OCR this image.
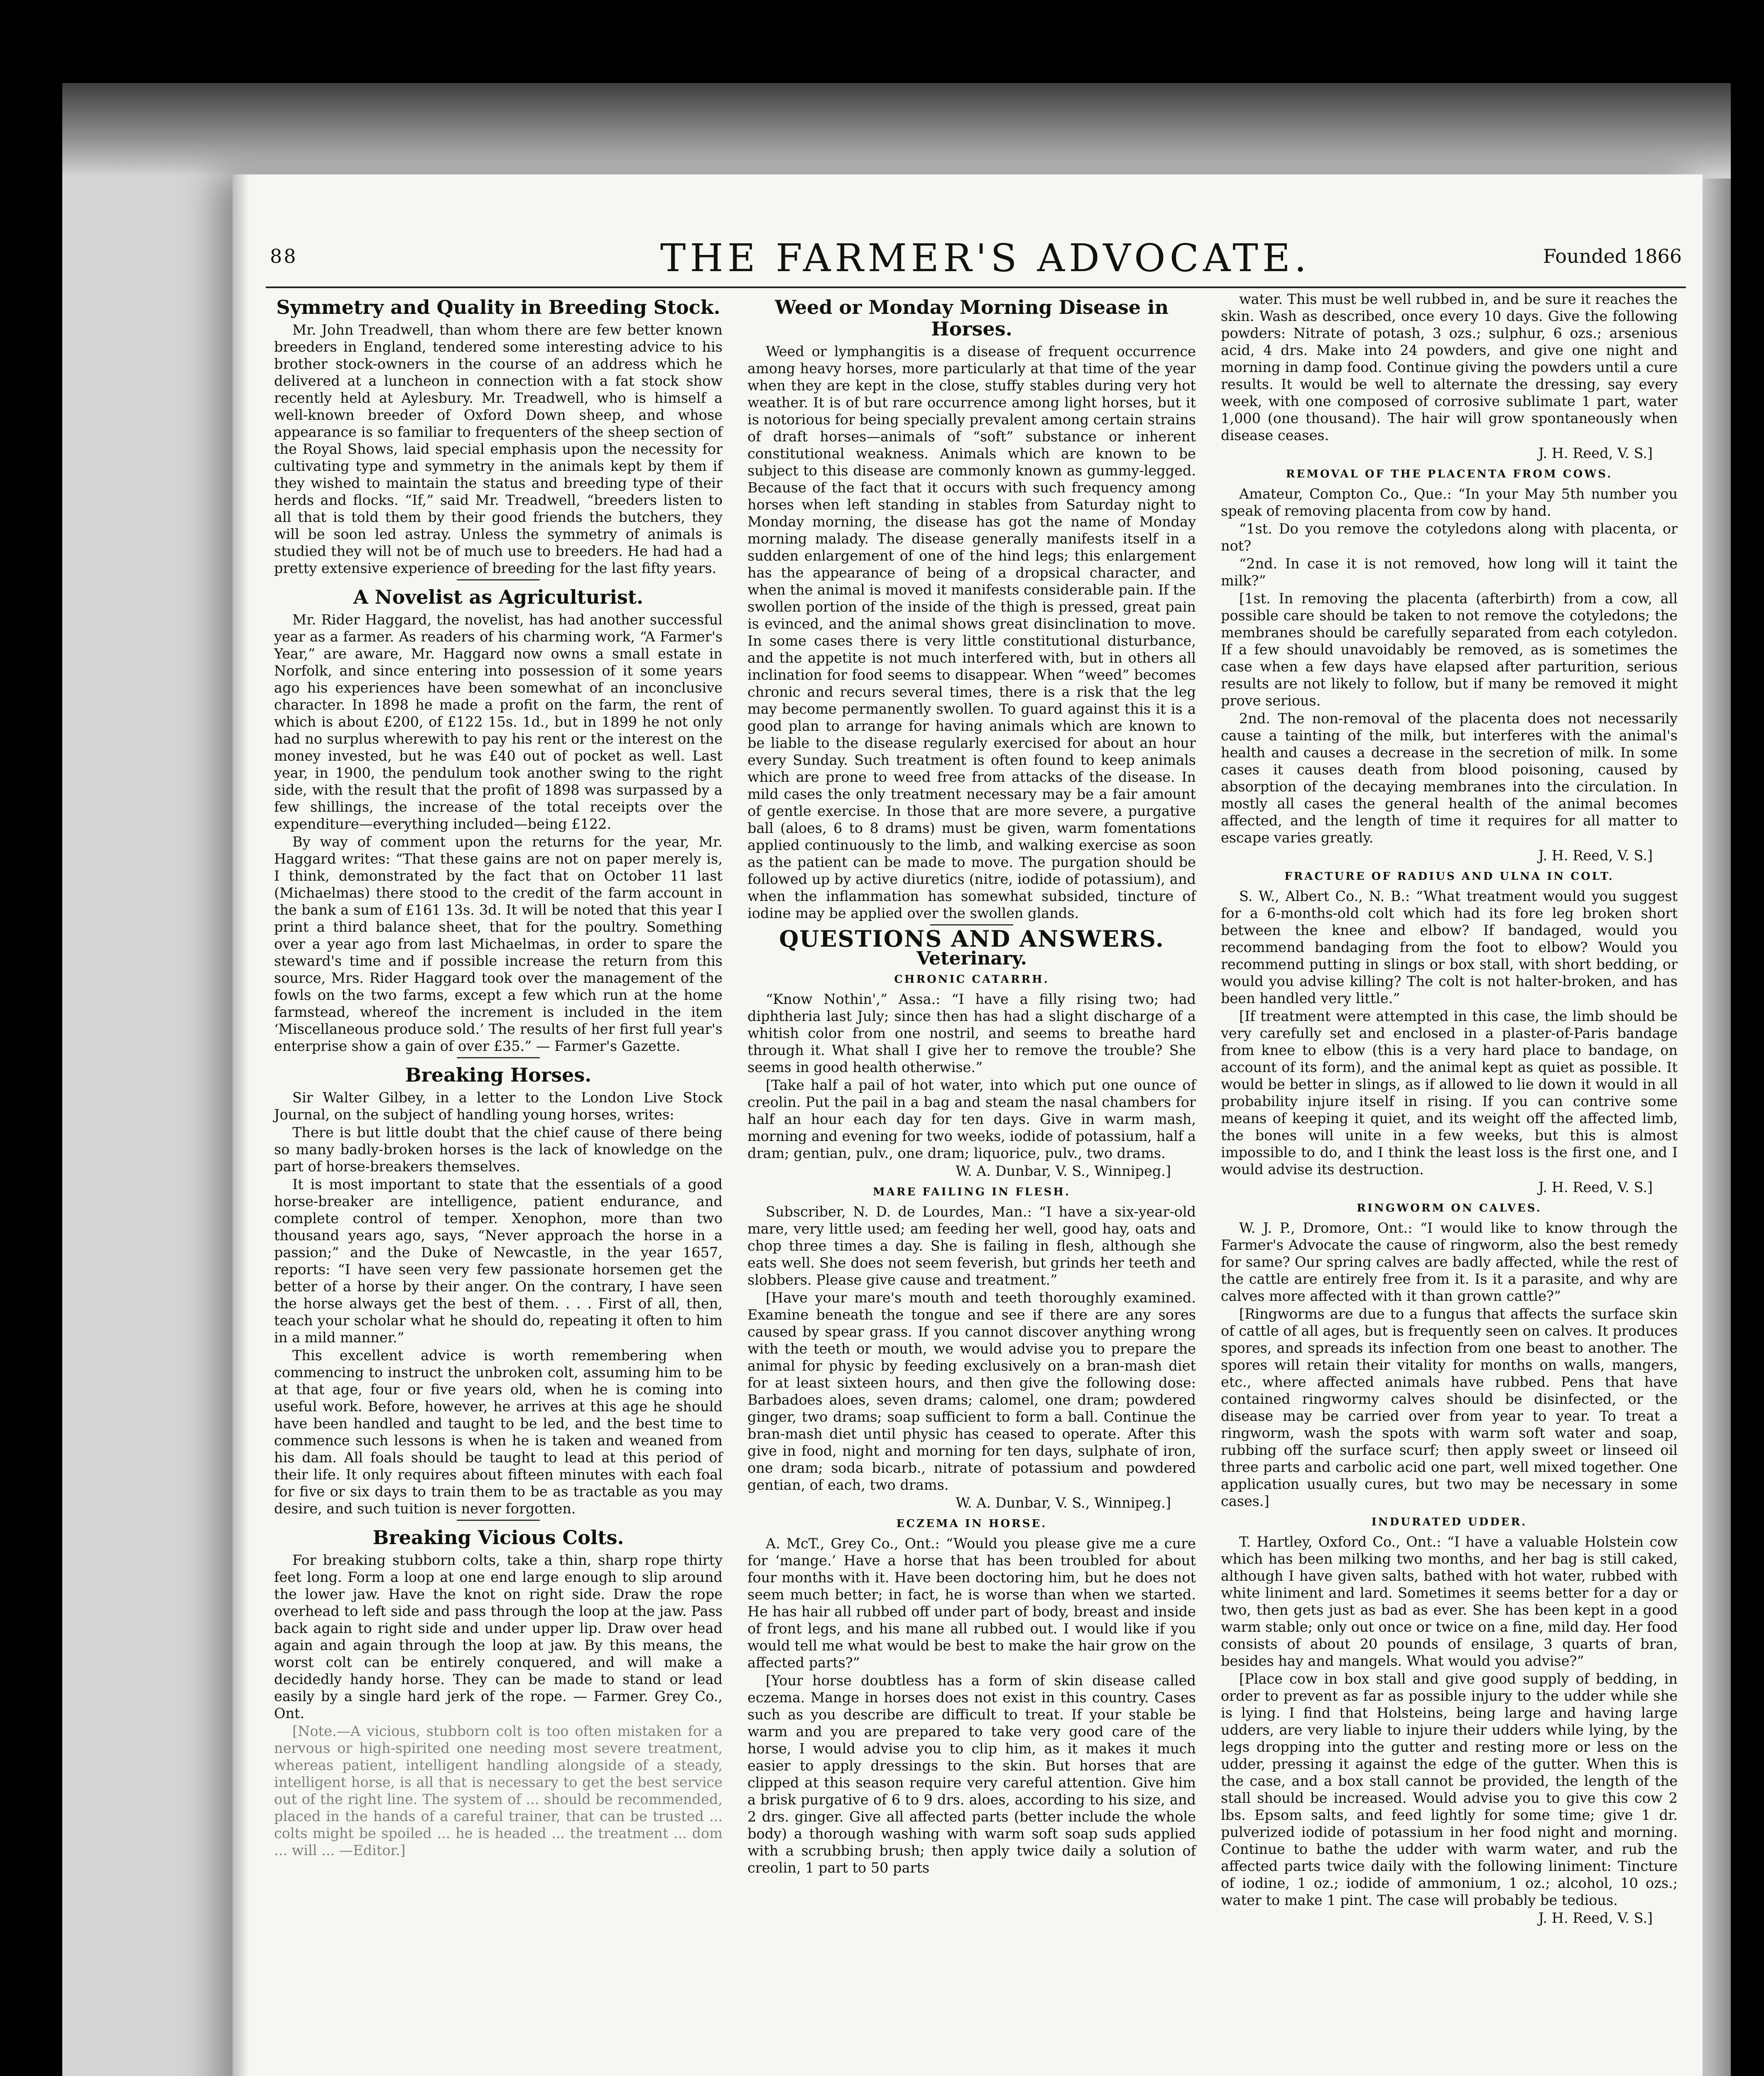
88	THE FARMER'S ADVOCATE.	Founded 1866
Symmetry and Quality in Breeding Stock.

Mr. John Treadwell, than whom there are few better known breeders in England, tendered some interesting advice to his brother stock-owners in the course of an address which he delivered at a luncheon in connection with a fat stock show recently held at Aylesbury. Mr. Treadwell, who is himself a well-known breeder of Oxford Down sheep, and whose appearance is so familiar to frequenters of the sheep section of the Royal Shows, laid special emphasis upon the necessity for cultivating type and symmetry in the animals kept by them if they wished to maintain the status and breeding type of their herds and flocks. “If,” said Mr. Treadwell, “breeders listen to all that is told them by their good friends the butchers, they will be soon led astray. Unless the symmetry of animals is studied they will not be of much use to breeders. He had had a pretty extensive experience of breeding for the last fifty years.

A Novelist as Agriculturist.

Mr. Rider Haggard, the novelist, has had another successful year as a farmer. As readers of his charming work, “A Farmer's Year,” are aware, Mr. Haggard now owns a small estate in Norfolk, and since entering into possession of it some years ago his experiences have been somewhat of an inconclusive character. In 1898 he made a profit on the farm, the rent of which is about £200, of £122 15s. 1d., but in 1899 he not only had no surplus wherewith to pay his rent or the interest on the money invested, but he was £40 out of pocket as well. Last year, in 1900, the pendulum took another swing to the right side, with the result that the profit of 1898 was surpassed by a few shillings, the increase of the total receipts over the expenditure—everything included—being £122.

By way of comment upon the returns for the year, Mr. Haggard writes: “That these gains are not on paper merely is, I think, demonstrated by the fact that on October 11 last (Michaelmas) there stood to the credit of the farm account in the bank a sum of £161 13s. 3d. It will be noted that this year I print a third balance sheet, that for the poultry. Something over a year ago from last Michaelmas, in order to spare the steward's time and if possible increase the return from this source, Mrs. Rider Haggard took over the management of the fowls on the two farms, except a few which run at the home farmstead, whereof the increment is included in the item ‘Miscellaneous produce sold.’ The results of her first full year's enterprise show a gain of over £35.” — Farmer's Gazette.

Breaking Horses.

Sir Walter Gilbey, in a letter to the London Live Stock Journal, on the subject of handling young horses, writes:

There is but little doubt that the chief cause of there being so many badly-broken horses is the lack of knowledge on the part of horse-breakers themselves.

It is most important to state that the essentials of a good horse-breaker are intelligence, patient endurance, and complete control of temper. Xenophon, more than two thousand years ago, says, “Never approach the horse in a passion;” and the Duke of Newcastle, in the year 1657, reports: “I have seen very few passionate horsemen get the better of a horse by their anger. On the contrary, I have seen the horse always get the best of them. . . . First of all, then, teach your scholar what he should do, repeating it often to him in a mild manner.”

This excellent advice is worth remembering when commencing to instruct the unbroken colt, assuming him to be at that age, four or five years old, when he is coming into useful work. Before, however, he arrives at this age he should have been handled and taught to be led, and the best time to commence such lessons is when he is taken and weaned from his dam. All foals should be taught to lead at this period of their life. It only requires about fifteen minutes with each foal for five or six days to train them to be as tractable as you may desire, and such tuition is never forgotten.

Breaking Vicious Colts.

For breaking stubborn colts, take a thin, sharp rope thirty feet long. Form a loop at one end large enough to slip around the lower jaw. Have the knot on right side. Draw the rope overhead to left side and pass through the loop at the jaw. Pass back again to right side and under upper lip. Draw over head again and again through the loop at jaw. By this means, the worst colt can be entirely conquered, and will make a decidedly handy horse. They can be made to stand or lead easily by a single hard jerk of the rope. — Farmer. Grey Co., Ont.

[Note.—A vicious, stubborn colt is too often mistaken for a nervous or high-spirited one needing most severe treatment, whereas patient, intelligent handling alongside of a steady, intelligent horse, is all that is necessary to get the best service out of the right line. The system of ... should be recommended, placed in the hands of a careful trainer, that can be trusted ... colts might be spoiled ... he is headed ... the treatment ... dom ... will ... —Editor.]

Weed or Monday Morning Disease in Horses.

Weed or lymphangitis is a disease of frequent occurrence among heavy horses, more particularly at that time of the year when they are kept in the close, stuffy stables during very hot weather. It is of but rare occurrence among light horses, but it is notorious for being specially prevalent among certain strains of draft horses—animals of “soft” substance or inherent constitutional weakness. Animals which are known to be subject to this disease are commonly known as gummy-legged. Because of the fact that it occurs with such frequency among horses when left standing in stables from Saturday night to Monday morning, the disease has got the name of Monday morning malady. The disease generally manifests itself in a sudden enlargement of one of the hind legs; this enlargement has the appearance of being of a dropsical character, and when the animal is moved it manifests considerable pain. If the swollen portion of the inside of the thigh is pressed, great pain is evinced, and the animal shows great disinclination to move. In some cases there is very little constitutional disturbance, and the appetite is not much interfered with, but in others all inclination for food seems to disappear. When “weed” becomes chronic and recurs several times, there is a risk that the leg may become permanently swollen. To guard against this it is a good plan to arrange for having animals which are known to be liable to the disease regularly exercised for about an hour every Sunday. Such treatment is often found to keep animals which are prone to weed free from attacks of the disease. In mild cases the only treatment necessary may be a fair amount of gentle exercise. In those that are more severe, a purgative ball (aloes, 6 to 8 drams) must be given, warm fomentations applied continuously to the limb, and walking exercise as soon as the patient can be made to move. The purgation should be followed up by active diuretics (nitre, iodide of potassium), and when the inflammation has somewhat subsided, tincture of iodine may be applied over the swollen glands.

QUESTIONS AND ANSWERS.
Veterinary.
CHRONIC CATARRH.

“Know Nothin',” Assa.: “I have a filly rising two; had diphtheria last July; since then has had a slight discharge of a whitish color from one nostril, and seems to breathe hard through it. What shall I give her to remove the trouble? She seems in good health otherwise.”

[Take half a pail of hot water, into which put one ounce of creolin. Put the pail in a bag and steam the nasal chambers for half an hour each day for ten days. Give in warm mash, morning and evening for two weeks, iodide of potassium, half a dram; gentian, pulv., one dram; liquorice, pulv., two drams.

W. A. Dunbar, V. S., Winnipeg.]

MARE FAILING IN FLESH.

Subscriber, N. D. de Lourdes, Man.: “I have a six-year-old mare, very little used; am feeding her well, good hay, oats and chop three times a day. She is failing in flesh, although she eats well. She does not seem feverish, but grinds her teeth and slobbers. Please give cause and treatment.”

[Have your mare's mouth and teeth thoroughly examined. Examine beneath the tongue and see if there are any sores caused by spear grass. If you cannot discover anything wrong with the teeth or mouth, we would advise you to prepare the animal for physic by feeding exclusively on a bran-mash diet for at least sixteen hours, and then give the following dose: Barbadoes aloes, seven drams; calomel, one dram; powdered ginger, two drams; soap sufficient to form a ball. Continue the bran-mash diet until physic has ceased to operate. After this give in food, night and morning for ten days, sulphate of iron, one dram; soda bicarb., nitrate of potassium and powdered gentian, of each, two drams.

W. A. Dunbar, V. S., Winnipeg.]

ECZEMA IN HORSE.

A. McT., Grey Co., Ont.: “Would you please give me a cure for ‘mange.’ Have a horse that has been troubled for about four months with it. Have been doctoring him, but he does not seem much better; in fact, he is worse than when we started. He has hair all rubbed off under part of body, breast and inside of front legs, and his mane all rubbed out. I would like if you would tell me what would be best to make the hair grow on the affected parts?”

[Your horse doubtless has a form of skin disease called eczema. Mange in horses does not exist in this country. Cases such as you describe are difficult to treat. If your stable be warm and you are prepared to take very good care of the horse, I would advise you to clip him, as it makes it much easier to apply dressings to the skin. But horses that are clipped at this season require very careful attention. Give him a brisk purgative of 6 to 9 drs. aloes, according to his size, and 2 drs. ginger. Give all affected parts (better include the whole body) a thorough washing with warm soft soap suds applied with a scrubbing brush; then apply twice daily a solution of creolin, 1 part to 50 parts

water. This must be well rubbed in, and be sure it reaches the skin. Wash as described, once every 10 days. Give the following powders: Nitrate of potash, 3 ozs.; sulphur, 6 ozs.; arsenious acid, 4 drs. Make into 24 powders, and give one night and morning in damp food. Continue giving the powders until a cure results. It would be well to alternate the dressing, say every week, with one composed of corrosive sublimate 1 part, water 1,000 (one thousand). The hair will grow spontaneously when disease ceases.

J. H. Reed, V. S.]

REMOVAL OF THE PLACENTA FROM COWS.

Amateur, Compton Co., Que.: “In your May 5th number you speak of removing placenta from cow by hand.

“1st. Do you remove the cotyledons along with placenta, or not?

“2nd. In case it is not removed, how long will it taint the milk?”

[1st. In removing the placenta (afterbirth) from a cow, all possible care should be taken to not remove the cotyledons; the membranes should be carefully separated from each cotyledon. If a few should unavoidably be removed, as is sometimes the case when a few days have elapsed after parturition, serious results are not likely to follow, but if many be removed it might prove serious.

2nd. The non-removal of the placenta does not necessarily cause a tainting of the milk, but interferes with the animal's health and causes a decrease in the secretion of milk. In some cases it causes death from blood poisoning, caused by absorption of the decaying membranes into the circulation. In mostly all cases the general health of the animal becomes affected, and the length of time it requires for all matter to escape varies greatly.

J. H. Reed, V. S.]

FRACTURE OF RADIUS AND ULNA IN COLT.

S. W., Albert Co., N. B.: “What treatment would you suggest for a 6-months-old colt which had its fore leg broken short between the knee and elbow? If bandaged, would you recommend bandaging from the foot to elbow? Would you recommend putting in slings or box stall, with short bedding, or would you advise killing? The colt is not halter-broken, and has been handled very little.”

[If treatment were attempted in this case, the limb should be very carefully set and enclosed in a plaster-of-Paris bandage from knee to elbow (this is a very hard place to bandage, on account of its form), and the animal kept as quiet as possible. It would be better in slings, as if allowed to lie down it would in all probability injure itself in rising. If you can contrive some means of keeping it quiet, and its weight off the affected limb, the bones will unite in a few weeks, but this is almost impossible to do, and I think the least loss is the first one, and I would advise its destruction.

J. H. Reed, V. S.]

RINGWORM ON CALVES.

W. J. P., Dromore, Ont.: “I would like to know through the Farmer's Advocate the cause of ringworm, also the best remedy for same? Our spring calves are badly affected, while the rest of the cattle are entirely free from it. Is it a parasite, and why are calves more affected with it than grown cattle?”

[Ringworms are due to a fungus that affects the surface skin of cattle of all ages, but is frequently seen on calves. It produces spores, and spreads its infection from one beast to another. The spores will retain their vitality for months on walls, mangers, etc., where affected animals have rubbed. Pens that have contained ringwormy calves should be disinfected, or the disease may be carried over from year to year. To treat a ringworm, wash the spots with warm soft water and soap, rubbing off the surface scurf; then apply sweet or linseed oil three parts and carbolic acid one part, well mixed together. One application usually cures, but two may be necessary in some cases.]

INDURATED UDDER.

T. Hartley, Oxford Co., Ont.: “I have a valuable Holstein cow which has been milking two months, and her bag is still caked, although I have given salts, bathed with hot water, rubbed with white liniment and lard. Sometimes it seems better for a day or two, then gets just as bad as ever. She has been kept in a good warm stable; only out once or twice on a fine, mild day. Her food consists of about 20 pounds of ensilage, 3 quarts of bran, besides hay and mangels. What would you advise?”

[Place cow in box stall and give good supply of bedding, in order to prevent as far as possible injury to the udder while she is lying. I find that Holsteins, being large and having large udders, are very liable to injure their udders while lying, by the legs dropping into the gutter and resting more or less on the udder, pressing it against the edge of the gutter. When this is the case, and a box stall cannot be provided, the length of the stall should be increased. Would advise you to give this cow 2 lbs. Epsom salts, and feed lightly for some time; give 1 dr. pulverized iodide of potassium in her food night and morning. Continue to bathe the udder with warm water, and rub the affected parts twice daily with the following liniment: Tincture of iodine, 1 oz.; iodide of ammonium, 1 oz.; alcohol, 10 ozs.; water to make 1 pint. The case will probably be tedious.

J. H. Reed, V. S.]
